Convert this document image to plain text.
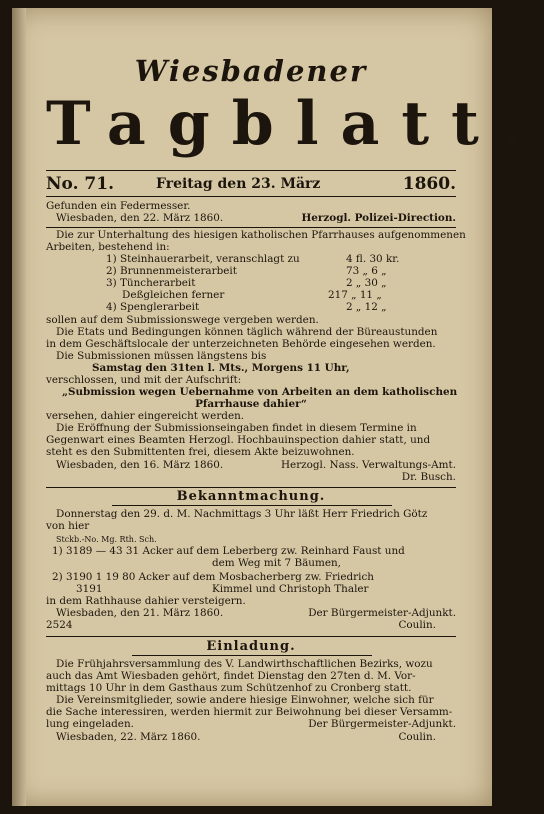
Wiesbadener
Tagblatt.
No. 71.	Freitag den 23. März	1860.
Gefunden ein Federmesser.
Wiesbaden, den 22. März 1860.	Herzogl. Polizei-Direction.
Die zur Unterhaltung des hiesigen katholischen Pfarrhauses aufgenommenen
Arbeiten, bestehend in:
1) Steinhauerarbeit, veranschlagt zu	4 fl. 30 kr.
2) Brunnenmeisterarbeit	73 „ 6 „
3) Tüncherarbeit	2 „ 30 „
Deßgleichen ferner	217 „ 11 „
4) Spenglerarbeit	2 „ 12 „
sollen auf dem Submissionswege vergeben werden.
Die Etats und Bedingungen können täglich während der Büreaustunden
in dem Geschäftslocale der unterzeichneten Behörde eingesehen werden.
Die Submissionen müssen längstens bis
Samstag den 31ten l. Mts., Morgens 11 Uhr,
verschlossen, und mit der Aufschrift:
„Submission wegen Uebernahme von Arbeiten an dem katholischen
Pfarrhause dahier“
versehen, dahier eingereicht werden.
Die Eröffnung der Submissionseingaben findet in diesem Termine in
Gegenwart eines Beamten Herzogl. Hochbauinspection dahier statt, und
steht es den Submittenten frei, diesem Akte beizuwohnen.
Wiesbaden, den 16. März 1860.	Herzogl. Nass. Verwaltungs-Amt.
Dr. Busch.
Bekanntmachung.
Donnerstag den 29. d. M. Nachmittags 3 Uhr läßt Herr Friedrich Götz
von hier
Stckb.-No. Mg. Rth. Sch.
1) 3189 — 43 31 Acker auf dem Leberberg zw. Reinhard Faust und
dem Weg mit 7 Bäumen,
2) 3190 1 19 80 Acker auf dem Mosbacherberg zw. Friedrich
3191	Kimmel und Christoph Thaler
in dem Rathhause dahier versteigern.
Wiesbaden, den 21. März 1860.	Der Bürgermeister-Adjunkt.
2524	Coulin.
Einladung.
Die Frühjahrsversammlung des V. Landwirthschaftlichen Bezirks, wozu
auch das Amt Wiesbaden gehört, findet Dienstag den 27ten d. M. Vor-
mittags 10 Uhr in dem Gasthaus zum Schützenhof zu Cronberg statt.
Die Vereinsmitglieder, sowie andere hiesige Einwohner, welche sich für
die Sache interessiren, werden hiermit zur Beiwohnung bei dieser Versamm-
lung eingeladen.	Der Bürgermeister-Adjunkt.
Wiesbaden, 22. März 1860.	Coulin.
